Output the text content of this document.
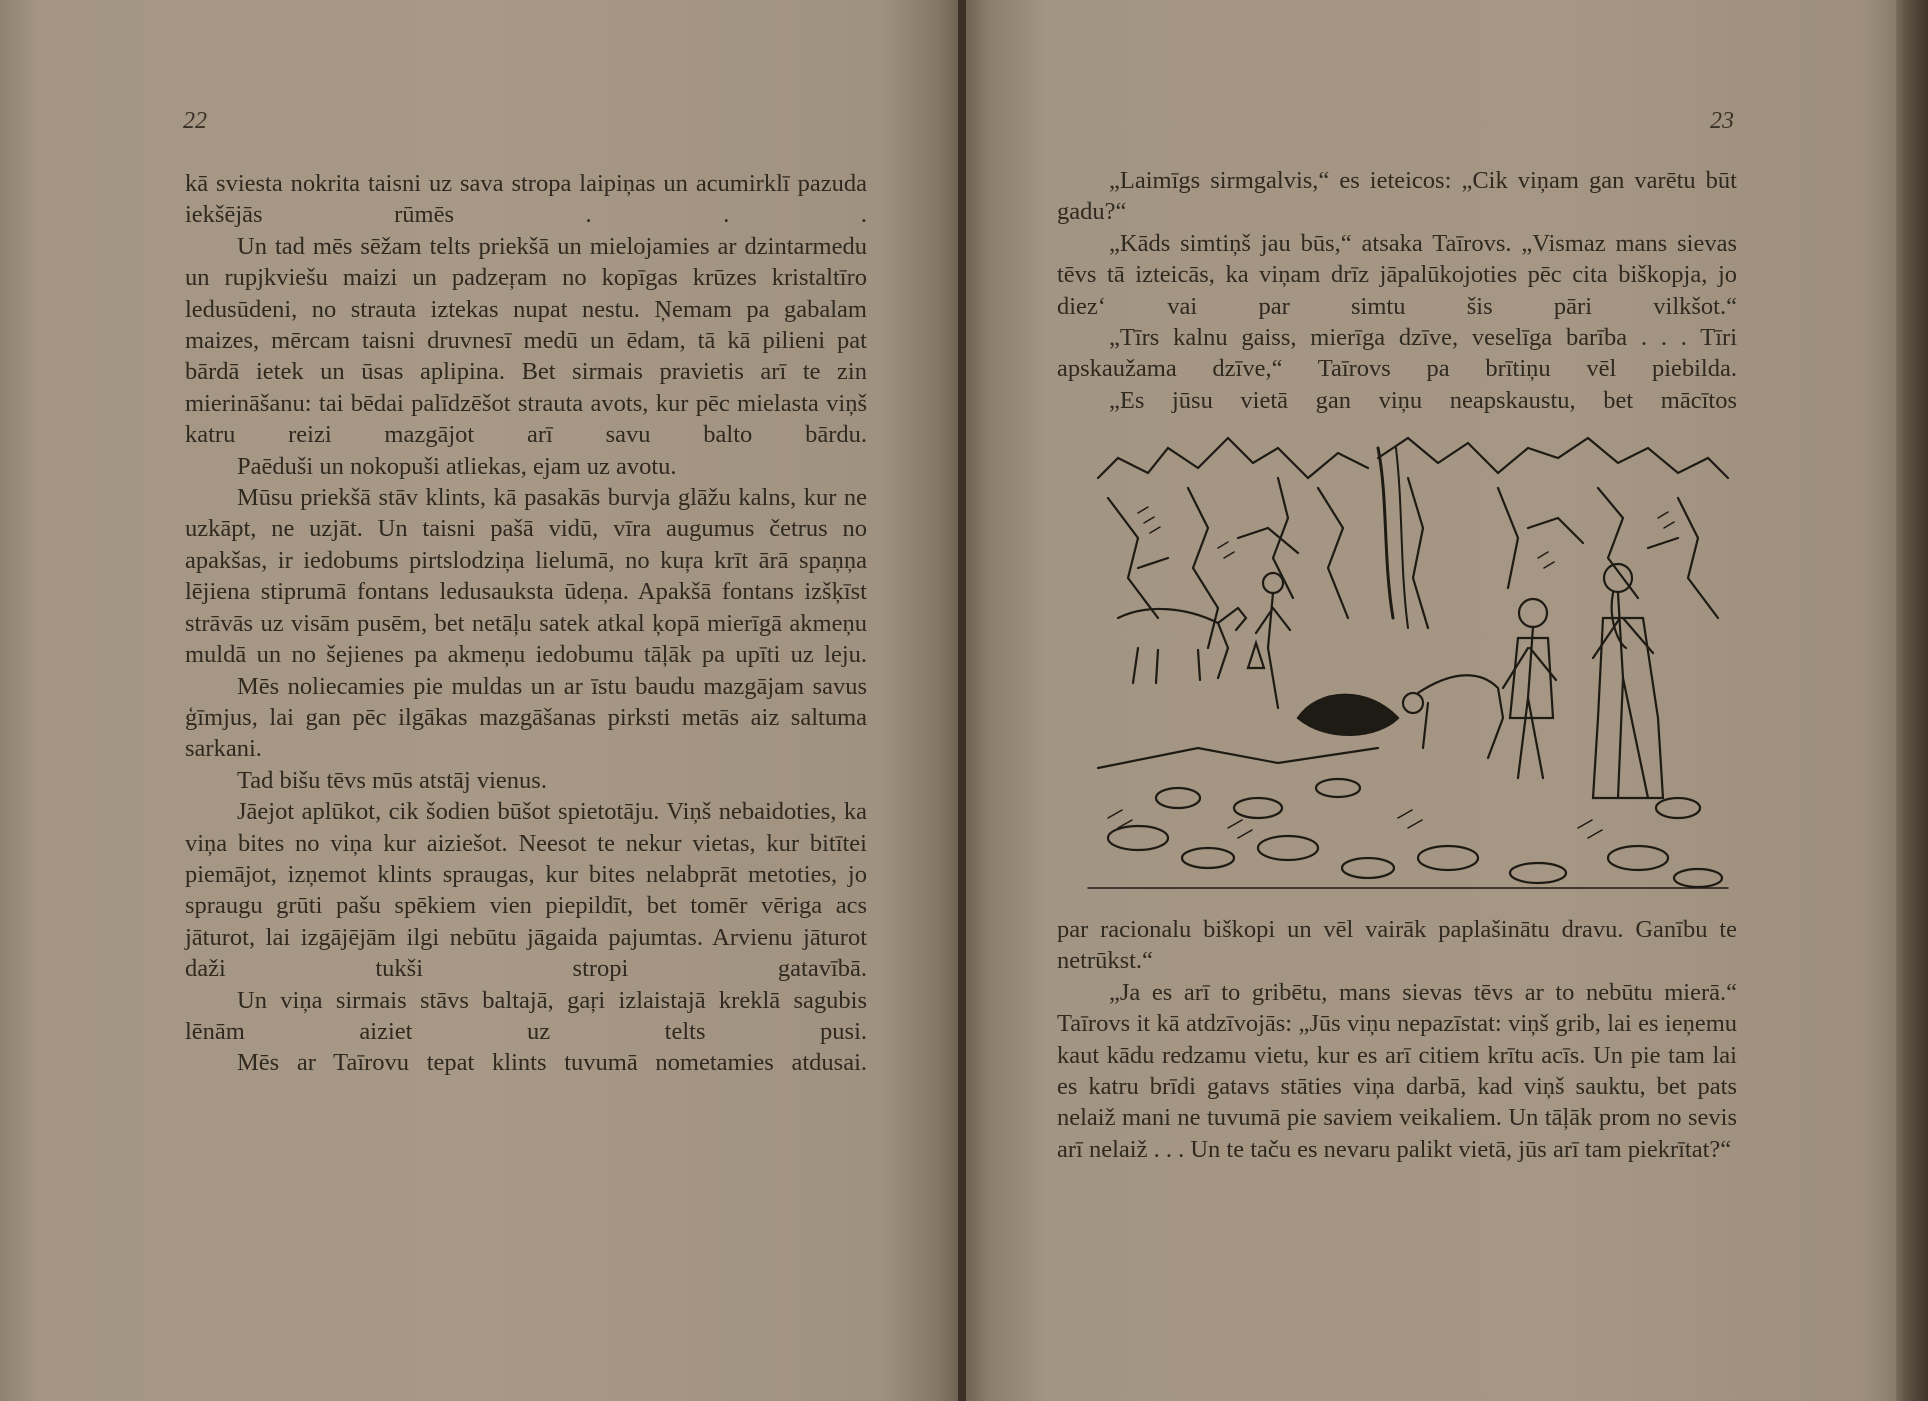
22

kā sviesta nokrita taisni uz sava stropa laipiņas un acumirklī pazuda iekšējās rūmēs . . .

Un tad mēs sēžam telts priekšā un mielojamies ar dzintarmedu un rupjkviešu maizi un padzeŗam no kopīgas krūzes kristaltīro ledusūdeni, no strauta iztekas nupat nestu. Ņemam pa gabalam maizes, mērcam taisni druvnesī medū un ēdam, tā kā pilieni pat bārdā ietek un ūsas aplipina. Bet sirmais pravietis arī te zin mierināšanu: tai bēdai palīdzēšot strauta avots, kur pēc mielasta viņš katru reizi mazgājot arī savu balto bārdu.

Paēduši un nokopuši atliekas, ejam uz avotu.

Mūsu priekšā stāv klints, kā pasakās burvja glāžu kalns, kur ne uzkāpt, ne uzjāt. Un taisni pašā vidū, vīra augumus četrus no apakšas, ir iedobums pirtslodziņa lielumā, no kuŗa krīt ārā spaņņa lējiena stiprumā fontans ledusauksta ūdeņa. Apakšā fontans izšķīst strāvās uz visām pusēm, bet netāļu satek atkal ķopā mierīgā akmeņu muldā un no šejienes pa akmeņu iedobumu tāļāk pa upīti uz leju.

Mēs noliecamies pie muldas un ar īstu baudu mazgājam savus ģīmjus, lai gan pēc ilgākas mazgāšanas pirksti metās aiz saltuma sarkani.

Tad bišu tēvs mūs atstāj vienus.

Jāejot aplūkot, cik šodien būšot spietotāju. Viņš nebaidoties, ka viņa bites no viņa kur aiziešot. Neesot te nekur vietas, kur bitītei piemājot, izņemot klints spraugas, kur bites nelabprāt metoties, jo spraugu grūti pašu spēkiem vien piepildīt, bet tomēr vēriga acs jāturot, lai izgājējām ilgi nebūtu jāgaida pajumtas. Arvienu jāturot daži tukši stropi gatavībā.

Un viņa sirmais stāvs baltajā, gaŗi izlaistajā kreklā sagubis lēnām aiziet uz telts pusi.

Mēs ar Taīrovu tepat klints tuvumā nometamies atdusai.

23

„Laimīgs sirmgalvis,“ es ieteicos: „Cik viņam gan varētu būt gadu?“

„Kāds simtiņš jau būs,“ atsaka Taīrovs. „Vismaz mans sievas tēvs tā izteicās, ka viņam drīz jāpalūkojoties pēc cita biškopja, jo diez‘ vai par simtu šis pāri vilkšot.“

„Tīrs kalnu gaiss, mierīga dzīve, veselīga barība . . . Tīri apskaužama dzīve,“ Taīrovs pa brītiņu vēl piebilda.

„Es jūsu vietā gan viņu neapskaustu, bet mācītos

par racionalu biškopi un vēl vairāk paplašinātu dravu. Ganību te netrūkst.“

„Ja es arī to gribētu, mans sievas tēvs ar to nebūtu mierā.“ Taīrovs it kā atdzīvojās: „Jūs viņu nepazīstat: viņš grib, lai es ieņemu kaut kādu redzamu vietu, kur es arī citiem krītu acīs. Un pie tam lai es katru brīdi gatavs stāties viņa darbā, kad viņš sauktu, bet pats nelaiž mani ne tuvumā pie saviem veikaliem. Un tāļāk prom no sevis arī nelaiž . . . Un te taču es nevaru palikt vietā, jūs arī tam piekrītat?“
